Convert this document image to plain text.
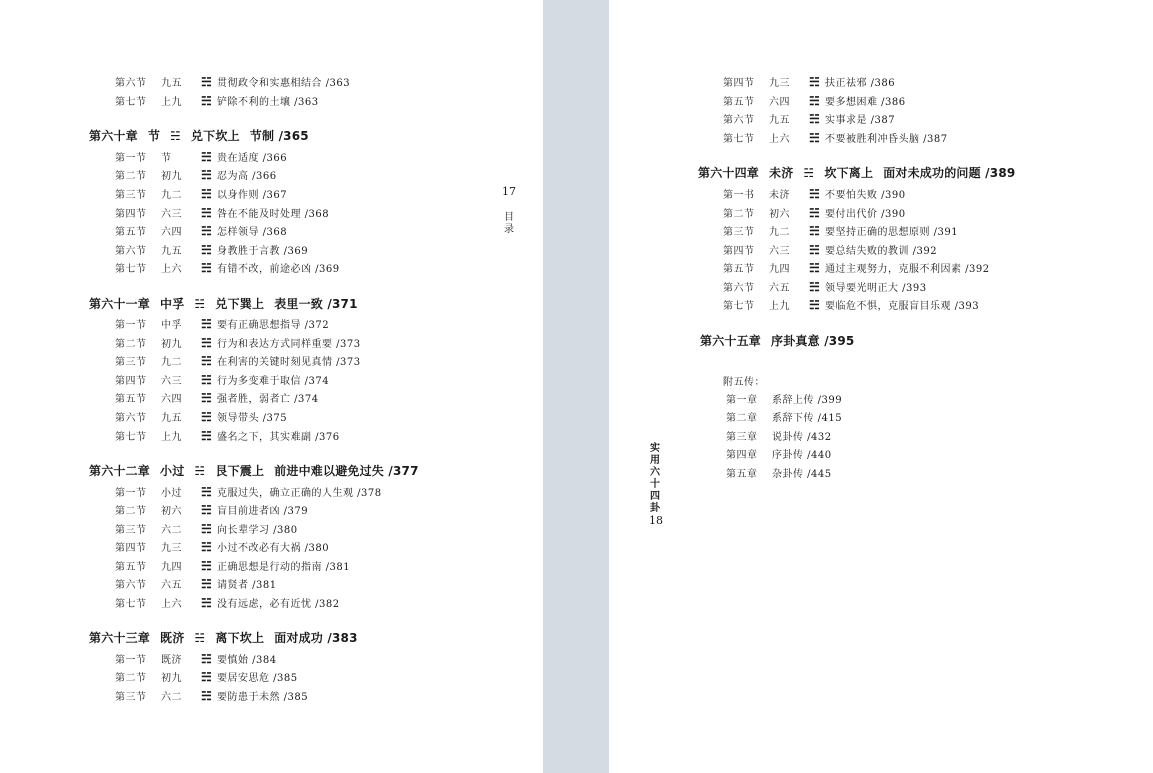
第六节 九五 ☵ 贯彻政令和实惠相结合 /363
第七节 上九 ☵ 铲除不利的土壤 /363
第六十章 节 ☵ 兑下坎上 节制 /365
第一节 节 ☵ 贵在适度 /366
第二节 初九 ☵ 忍为高 /366
第三节 九二 ☵ 以身作则 /367
第四节 六三 ☵ 咎在不能及时处理 /368
第五节 六四 ☵ 怎样领导 /368
第六节 九五 ☵ 身教胜于言教 /369
第七节 上六 ☵ 有错不改，前途必凶 /369
第六十一章 中孚 ☵ 兑下巽上 表里一致 /371
第一节 中孚 ☵ 要有正确思想指导 /372
第二节 初九 ☵ 行为和表达方式同样重要 /373
第三节 九二 ☵ 在利害的关键时刻见真情 /373
第四节 六三 ☵ 行为多变难于取信 /374
第五节 六四 ☵ 强者胜，弱者亡 /374
第六节 九五 ☵ 领导带头 /375
第七节 上九 ☵ 盛名之下，其实难副 /376
第六十二章 小过 ☵ 艮下震上 前进中难以避免过失 /377
第一节 小过 ☵ 克服过失，确立正确的人生观 /378
第二节 初六 ☵ 盲目前进者凶 /379
第三节 六二 ☵ 向长辈学习 /380
第四节 九三 ☵ 小过不改必有大祸 /380
第五节 九四 ☵ 正确思想是行动的指南 /381
第六节 六五 ☵ 请贤者 /381
第七节 上六 ☵ 没有远虑，必有近忧 /382
第六十三章 既济 ☵ 离下坎上 面对成功 /383
第一节 既济 ☵ 要慎始 /384
第二节 初九 ☵ 要居安思危 /385
第三节 六二 ☵ 要防患于未然 /385
17
目录
第四节 九三 ☵ 扶正祛邪 /386
第五节 六四 ☵ 要多想困难 /386
第六节 九五 ☵ 实事求是 /387
第七节 上六 ☵ 不要被胜利冲昏头脑 /387
第六十四章 未济 ☵ 坎下离上 面对未成功的问题 /389
第一书 未济 ☵ 不要怕失败 /390
第二节 初六 ☵ 要付出代价 /390
第三节 九二 ☵ 要坚持正确的思想原则 /391
第四节 六三 ☵ 要总结失败的教训 /392
第五节 九四 ☵ 通过主观努力，克服不利因素 /392
第六节 六五 ☵ 领导要光明正大 /393
第七节 上九 ☵ 要临危不惧，克服盲目乐观 /393
第六十五章 序卦真意 /395
附五传：
第一章 系辞上传 /399
第二章 系辞下传 /415
第三章 说卦传 /432
第四章 序卦传 /440
第五章 杂卦传 /445
实用六十四卦
18
